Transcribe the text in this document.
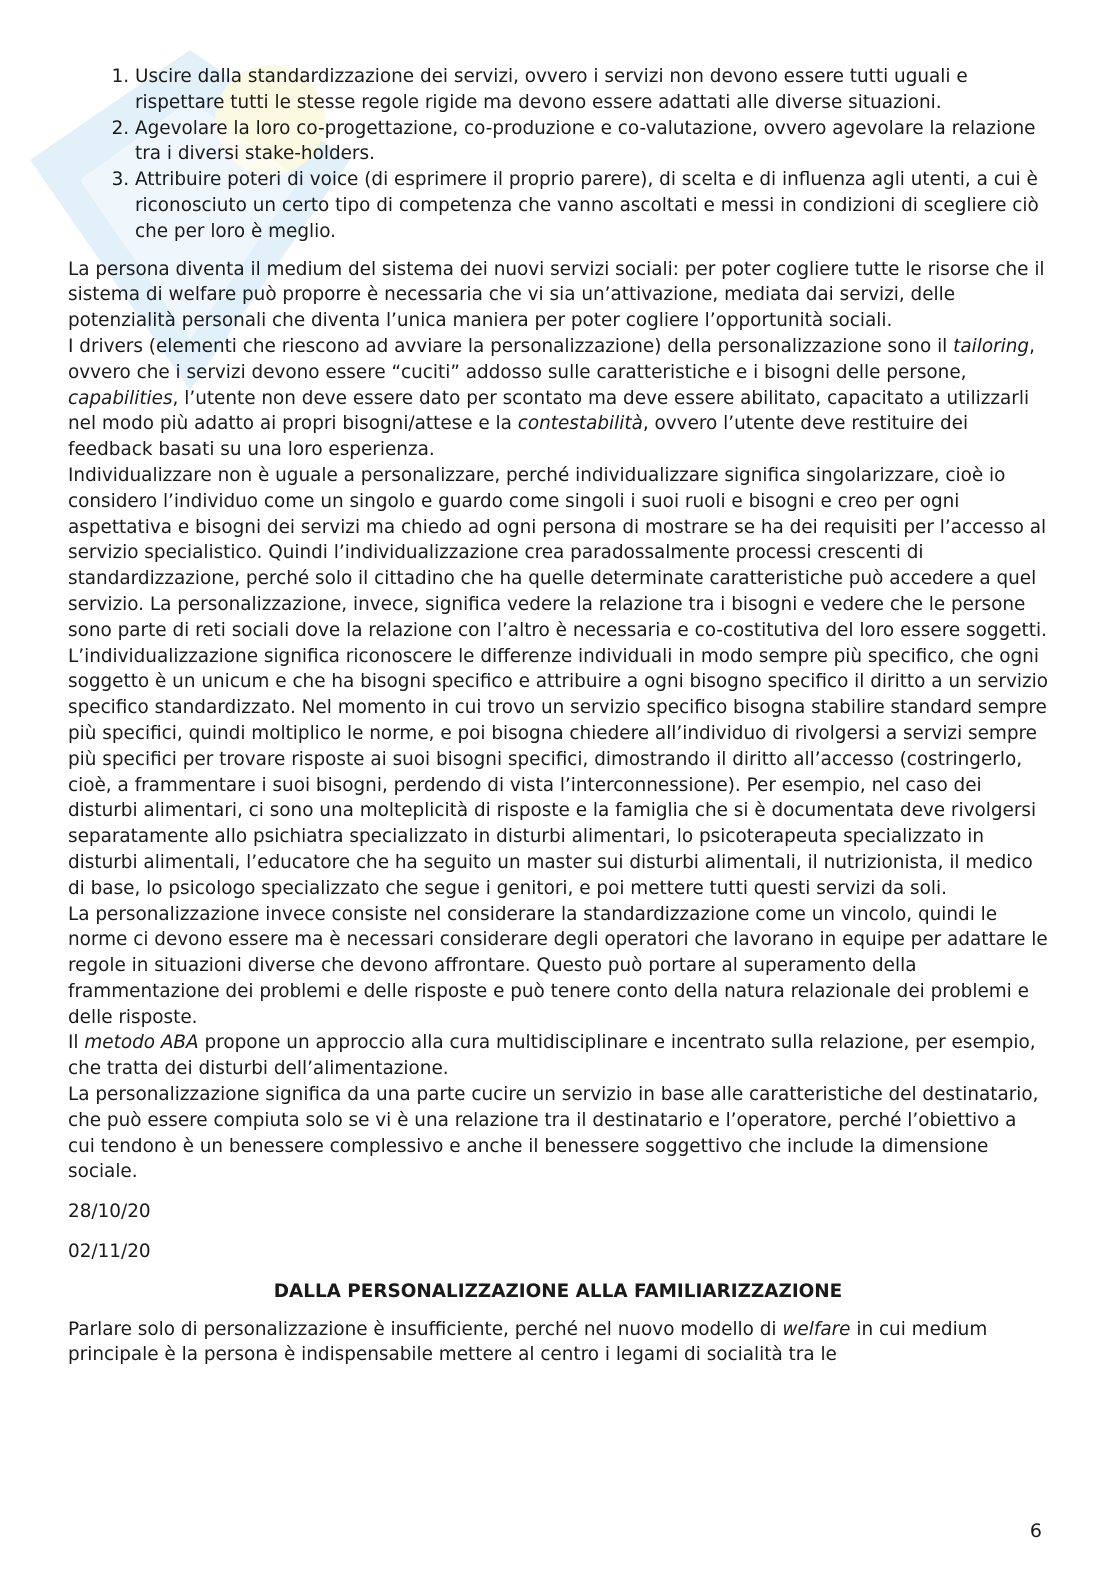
1. Uscire dalla standardizzazione dei servizi, ovvero i servizi non devono essere tutti uguali e rispettare tutti le stesse regole rigide ma devono essere adattati alle diverse situazioni.
2. Agevolare la loro co-progettazione, co-produzione e co-valutazione, ovvero agevolare la relazione tra i diversi stake-holders.
3. Attribuire poteri di voice (di esprimere il proprio parere), di scelta e di influenza agli utenti, a cui è riconosciuto un certo tipo di competenza che vanno ascoltati e messi in condizioni di scegliere ciò che per loro è meglio.

La persona diventa il medium del sistema dei nuovi servizi sociali: per poter cogliere tutte le risorse che il sistema di welfare può proporre è necessaria che vi sia un’attivazione, mediata dai servizi, delle potenzialità personali che diventa l’unica maniera per poter cogliere l’opportunità sociali.

I drivers (elementi che riescono ad avviare la personalizzazione) della personalizzazione sono il tailoring, ovvero che i servizi devono essere “cuciti” addosso sulle caratteristiche e i bisogni delle persone, capabilities, l’utente non deve essere dato per scontato ma deve essere abilitato, capacitato a utilizzarli nel modo più adatto ai propri bisogni/attese e la contestabilità, ovvero l’utente deve restituire dei feedback basati su una loro esperienza.

Individualizzare non è uguale a personalizzare, perché individualizzare significa singolarizzare, cioè io considero l’individuo come un singolo e guardo come singoli i suoi ruoli e bisogni e creo per ogni aspettativa e bisogni dei servizi ma chiedo ad ogni persona di mostrare se ha dei requisiti per l’accesso al servizio specialistico. Quindi l’individualizzazione crea paradossalmente processi crescenti di standardizzazione, perché solo il cittadino che ha quelle determinate caratteristiche può accedere a quel servizio. La personalizzazione, invece, significa vedere la relazione tra i bisogni e vedere che le persone sono parte di reti sociali dove la relazione con l’altro è necessaria e co-costitutiva del loro essere soggetti.

L’individualizzazione significa riconoscere le differenze individuali in modo sempre più specifico, che ogni soggetto è un unicum e che ha bisogni specifico e attribuire a ogni bisogno specifico il diritto a un servizio specifico standardizzato. Nel momento in cui trovo un servizio specifico bisogna stabilire standard sempre più specifici, quindi moltiplico le norme, e poi bisogna chiedere all’individuo di rivolgersi a servizi sempre più specifici per trovare risposte ai suoi bisogni specifici, dimostrando il diritto all’accesso (costringerlo, cioè, a frammentare i suoi bisogni, perdendo di vista l’interconnessione). Per esempio, nel caso dei disturbi alimentari, ci sono una molteplicità di risposte e la famiglia che si è documentata deve rivolgersi separatamente allo psichiatra specializzato in disturbi alimentari, lo psicoterapeuta specializzato in disturbi alimentali, l’educatore che ha seguito un master sui disturbi alimentali, il nutrizionista, il medico di base, lo psicologo specializzato che segue i genitori, e poi mettere tutti questi servizi da soli.

La personalizzazione invece consiste nel considerare la standardizzazione come un vincolo, quindi le norme ci devono essere ma è necessari considerare degli operatori che lavorano in equipe per adattare le regole in situazioni diverse che devono affrontare. Questo può portare al superamento della frammentazione dei problemi e delle risposte e può tenere conto della natura relazionale dei problemi e delle risposte.

Il metodo ABA propone un approccio alla cura multidisciplinare e incentrato sulla relazione, per esempio, che tratta dei disturbi dell’alimentazione.

La personalizzazione significa da una parte cucire un servizio in base alle caratteristiche del destinatario, che può essere compiuta solo se vi è una relazione tra il destinatario e l’operatore, perché l’obiettivo a cui tendono è un benessere complessivo e anche il benessere soggettivo che include la dimensione sociale.

28/10/20

02/11/20

DALLA PERSONALIZZAZIONE ALLA FAMILIARIZZAZIONE

Parlare solo di personalizzazione è insufficiente, perché nel nuovo modello di welfare in cui medium principale è la persona è indispensabile mettere al centro i legami di socialità tra le

6
